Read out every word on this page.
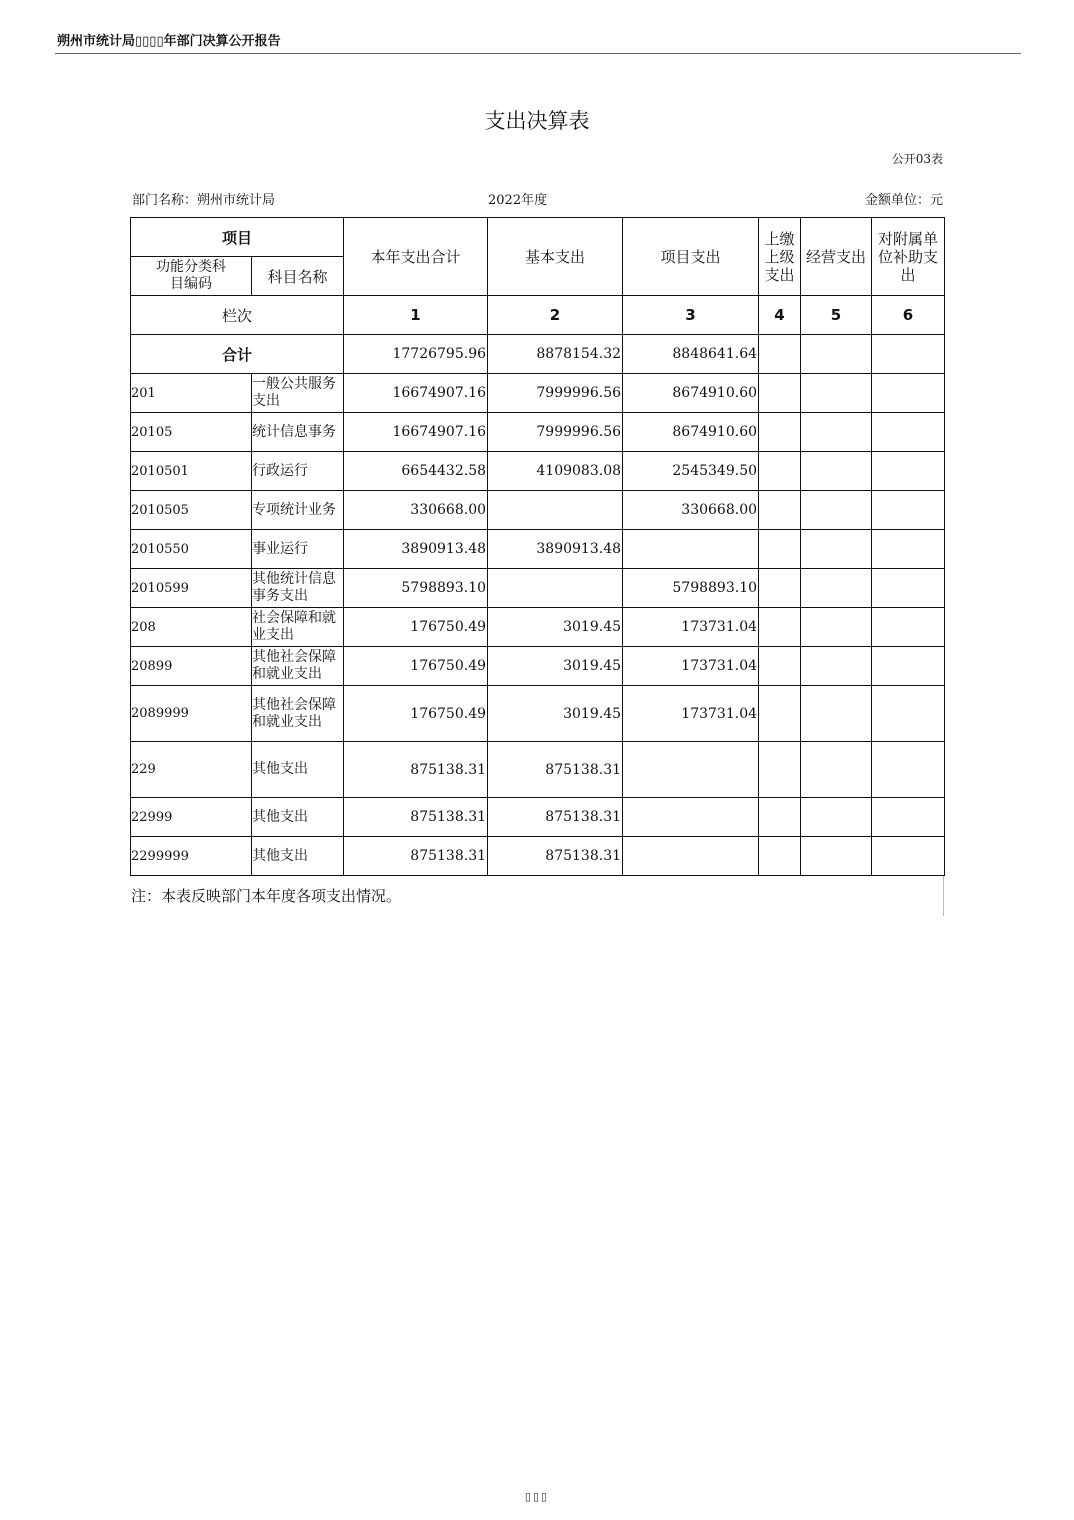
朔州市统计局▯▯▯▯年部门决算公开报告
支出决算表
公开03表
部门名称：朔州市统计局	2022年度	金额单位：元
项目		本年支出合计	基本支出	项目支出	上缴上级支出	经营支出	对附属单位补助支出
功能分类科目编码	科目名称						
栏次		1	2	3	4	5	6
合计		17726795.96	8878154.32	8848641.64			
201	一般公共服务支出	16674907.16	7999996.56	8674910.60			
20105	统计信息事务	16674907.16	7999996.56	8674910.60			
2010501	行政运行	6654432.58	4109083.08	2545349.50			
2010505	专项统计业务	330668.00		330668.00			
2010550	事业运行	3890913.48	3890913.48				
2010599	其他统计信息事务支出	5798893.10		5798893.10			
208	社会保障和就业支出	176750.49	3019.45	173731.04			
20899	其他社会保障和就业支出	176750.49	3019.45	173731.04			
2089999	其他社会保障和就业支出	176750.49	3019.45	173731.04			
229	其他支出	875138.31	875138.31				
22999	其他支出	875138.31	875138.31				
2299999	其他支出	875138.31	875138.31				
注：本表反映部门本年度各项支出情况。
▯▯▯
